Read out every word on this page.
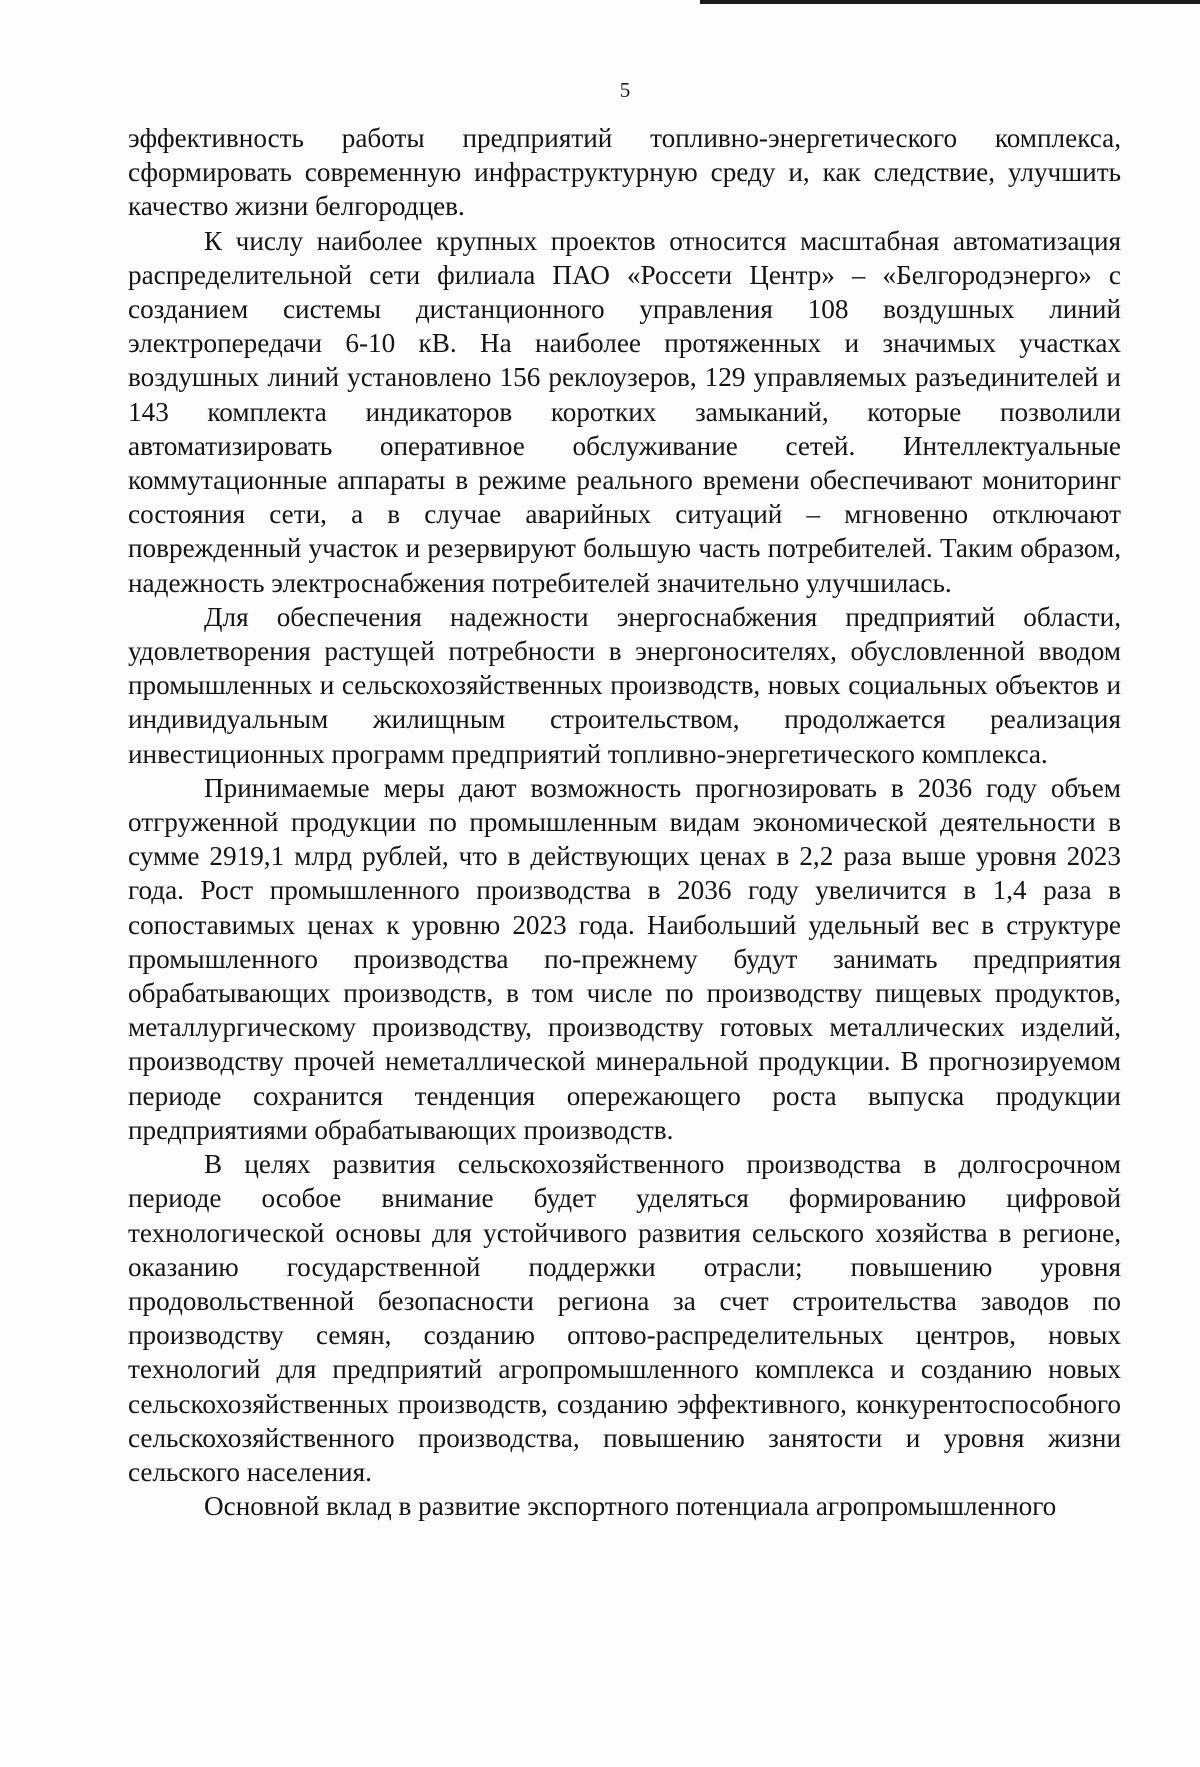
5

эффективность работы предприятий топливно-энергетического комплекса, сформировать современную инфраструктурную среду и, как следствие, улучшить качество жизни белгородцев.

К числу наиболее крупных проектов относится масштабная автоматизация распределительной сети филиала ПАО «Россети Центр» – «Белгородэнерго» с созданием системы дистанционного управления 108 воздушных линий электропередачи 6-10 кВ. На наиболее протяженных и значимых участках воздушных линий установлено 156 реклоузеров, 129 управляемых разъединителей и 143 комплекта индикаторов коротких замыканий, которые позволили автоматизировать оперативное обслуживание сетей. Интеллектуальные коммутационные аппараты в режиме реального времени обеспечивают мониторинг состояния сети, а в случае аварийных ситуаций – мгновенно отключают поврежденный участок и резервируют большую часть потребителей. Таким образом, надежность электроснабжения потребителей значительно улучшилась.

Для обеспечения надежности энергоснабжения предприятий области, удовлетворения растущей потребности в энергоносителях, обусловленной вводом промышленных и сельскохозяйственных производств, новых социальных объектов и индивидуальным жилищным строительством, продолжается реализация инвестиционных программ предприятий топливно-энергетического комплекса.

Принимаемые меры дают возможность прогнозировать в 2036 году объем отгруженной продукции по промышленным видам экономической деятельности в сумме 2919,1 млрд рублей, что в действующих ценах в 2,2 раза выше уровня 2023 года. Рост промышленного производства в 2036 году увеличится в 1,4 раза в сопоставимых ценах к уровню 2023 года. Наибольший удельный вес в структуре промышленного производства по-прежнему будут занимать предприятия обрабатывающих производств, в том числе по производству пищевых продуктов, металлургическому производству, производству готовых металлических изделий, производству прочей неметаллической минеральной продукции. В прогнозируемом периоде сохранится тенденция опережающего роста выпуска продукции предприятиями обрабатывающих производств.

В целях развития сельскохозяйственного производства в долгосрочном периоде особое внимание будет уделяться формированию цифровой технологической основы для устойчивого развития сельского хозяйства в регионе, оказанию государственной поддержки отрасли; повышению уровня продовольственной безопасности региона за счет строительства заводов по производству семян, созданию оптово-распределительных центров, новых технологий для предприятий агропромышленного комплекса и созданию новых сельскохозяйственных производств, созданию эффективного, конкурентоспособного сельскохозяйственного производства, повышению занятости и уровня жизни сельского населения.

Основной вклад в развитие экспортного потенциала агропромышленного
